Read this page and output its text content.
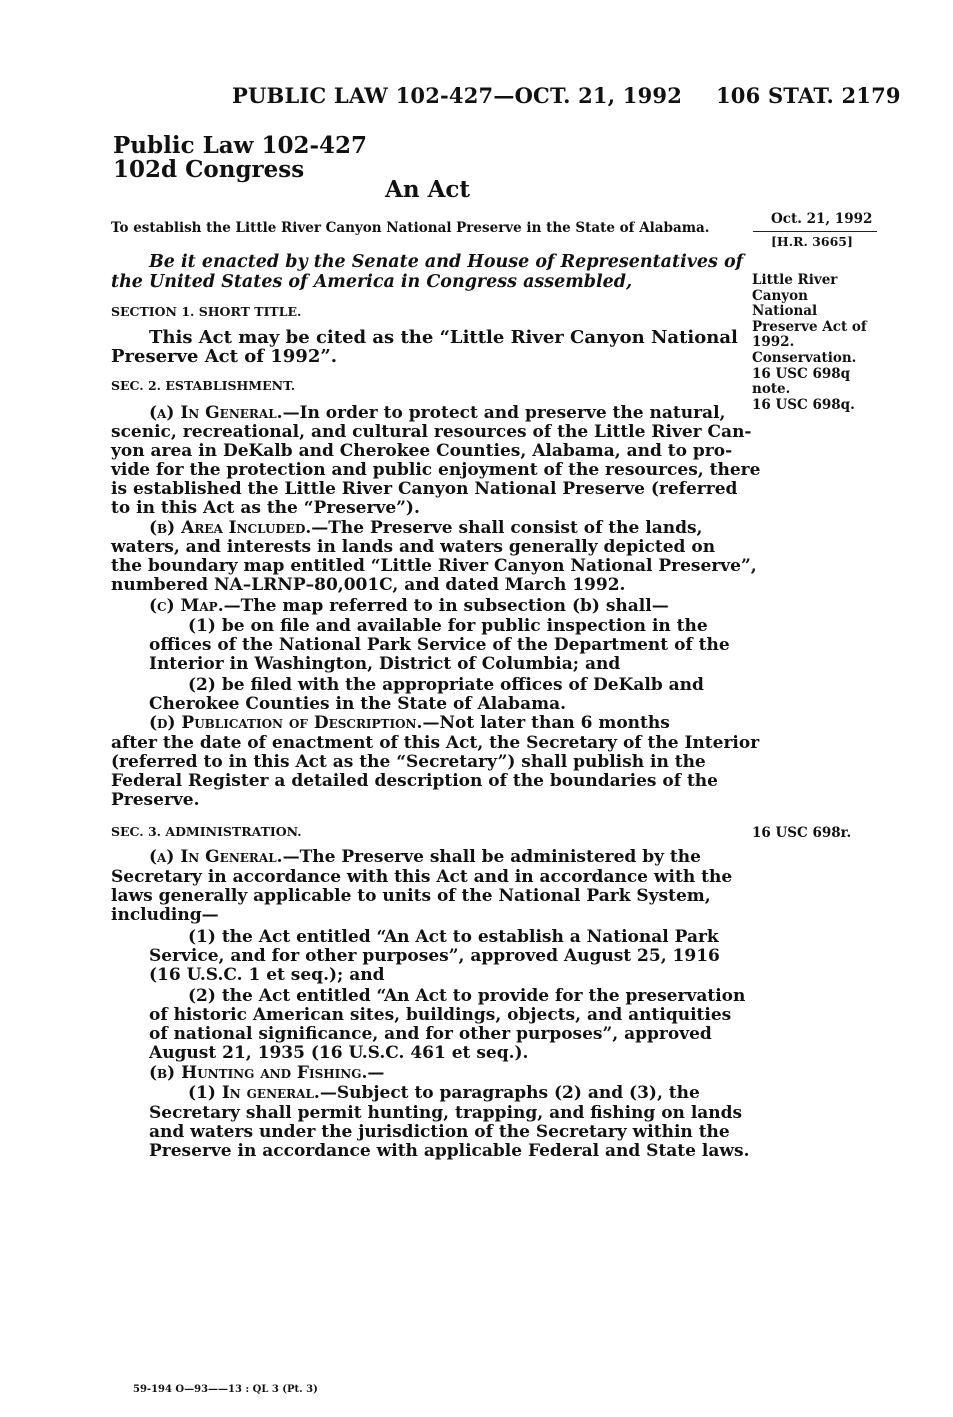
PUBLIC LAW 102-427—OCT. 21, 1992 106 STAT. 2179
Public Law 102-427
102d Congress
An Act
To establish the Little River Canyon National Preserve in the State of Alabama.
Be it enacted by the Senate and House of Representatives of
the United States of America in Congress assembled,
Oct. 21, 1992
[H.R. 3665]
Little River
Canyon
National
Preserve Act of
1992.
Conservation.
16 USC 698q
note.
16 USC 698q.
16 USC 698r.
SECTION 1. SHORT TITLE.
This Act may be cited as the “Little River Canyon National
Preserve Act of 1992”.
SEC. 2. ESTABLISHMENT.
(a) In General.—In order to protect and preserve the natural,
scenic, recreational, and cultural resources of the Little River Can-
yon area in DeKalb and Cherokee Counties, Alabama, and to pro-
vide for the protection and public enjoyment of the resources, there
is established the Little River Canyon National Preserve (referred
to in this Act as the “Preserve”).
(b) Area Included.—The Preserve shall consist of the lands,
waters, and interests in lands and waters generally depicted on
the boundary map entitled “Little River Canyon National Preserve”,
numbered NA–LRNP–80,001C, and dated March 1992.
(c) Map.—The map referred to in subsection (b) shall—
(1) be on file and available for public inspection in the
offices of the National Park Service of the Department of the
Interior in Washington, District of Columbia; and
(2) be filed with the appropriate offices of DeKalb and
Cherokee Counties in the State of Alabama.
(d) Publication of Description.—Not later than 6 months
after the date of enactment of this Act, the Secretary of the Interior
(referred to in this Act as the “Secretary”) shall publish in the
Federal Register a detailed description of the boundaries of the
Preserve.
SEC. 3. ADMINISTRATION.
(a) In General.—The Preserve shall be administered by the
Secretary in accordance with this Act and in accordance with the
laws generally applicable to units of the National Park System,
including—
(1) the Act entitled “An Act to establish a National Park
Service, and for other purposes”, approved August 25, 1916
(16 U.S.C. 1 et seq.); and
(2) the Act entitled “An Act to provide for the preservation
of historic American sites, buildings, objects, and antiquities
of national significance, and for other purposes”, approved
August 21, 1935 (16 U.S.C. 461 et seq.).
(b) Hunting and Fishing.—
(1) In general.—Subject to paragraphs (2) and (3), the
Secretary shall permit hunting, trapping, and fishing on lands
and waters under the jurisdiction of the Secretary within the
Preserve in accordance with applicable Federal and State laws.
59-194 O—93——13 : QL 3 (Pt. 3)
